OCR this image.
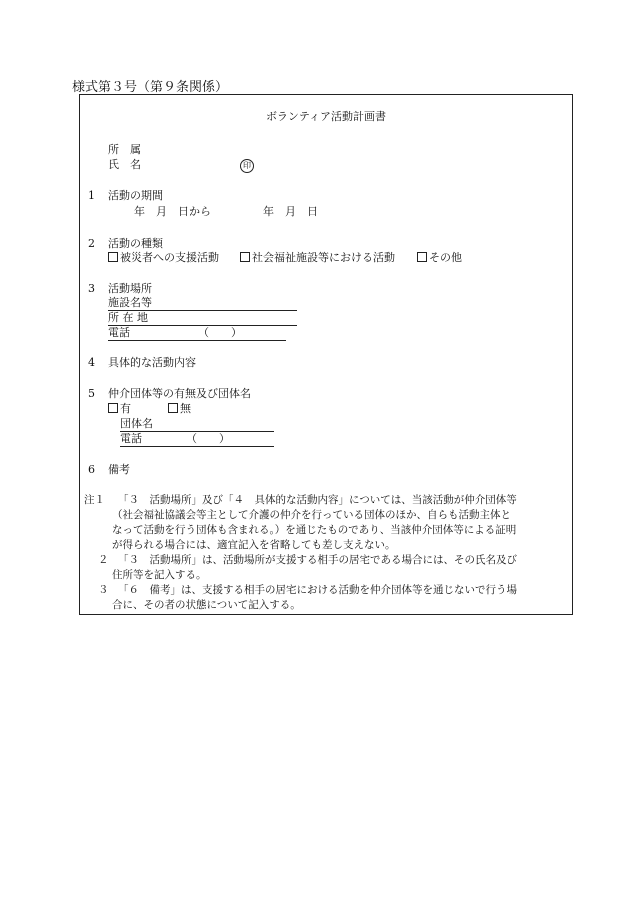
様式第３号（第９条関係）
ボランティア活動計画書
所　属
氏　名	印
1 活動の期間
年　月　日から	年　月　日
2 活動の種類
被災者への支援活動	社会福祉施設等における活動	その他
3 活動場所
施設名等
所 在 地
電話	（　　）
4 具体的な活動内容
5 仲介団体等の有無及び団体名
有	無
団体名
電話	（　　）
6 備考
注１ 「３　活動場所」及び「４　具体的な活動内容」については、当該活動が仲介団体等
（社会福祉協議会等主として介護の仲介を行っている団体のほか、自らも活動主体と
なって活動を行う団体も含まれる。）を通じたものであり、当該仲介団体等による証明
が得られる場合には、適宜記入を省略しても差し支えない。
２ 「３　活動場所」は、活動場所が支援する相手の居宅である場合には、その氏名及び
住所等を記入する。
３ 「６　備考」は、支援する相手の居宅における活動を仲介団体等を通じないで行う場
合に、その者の状態について記入する。
